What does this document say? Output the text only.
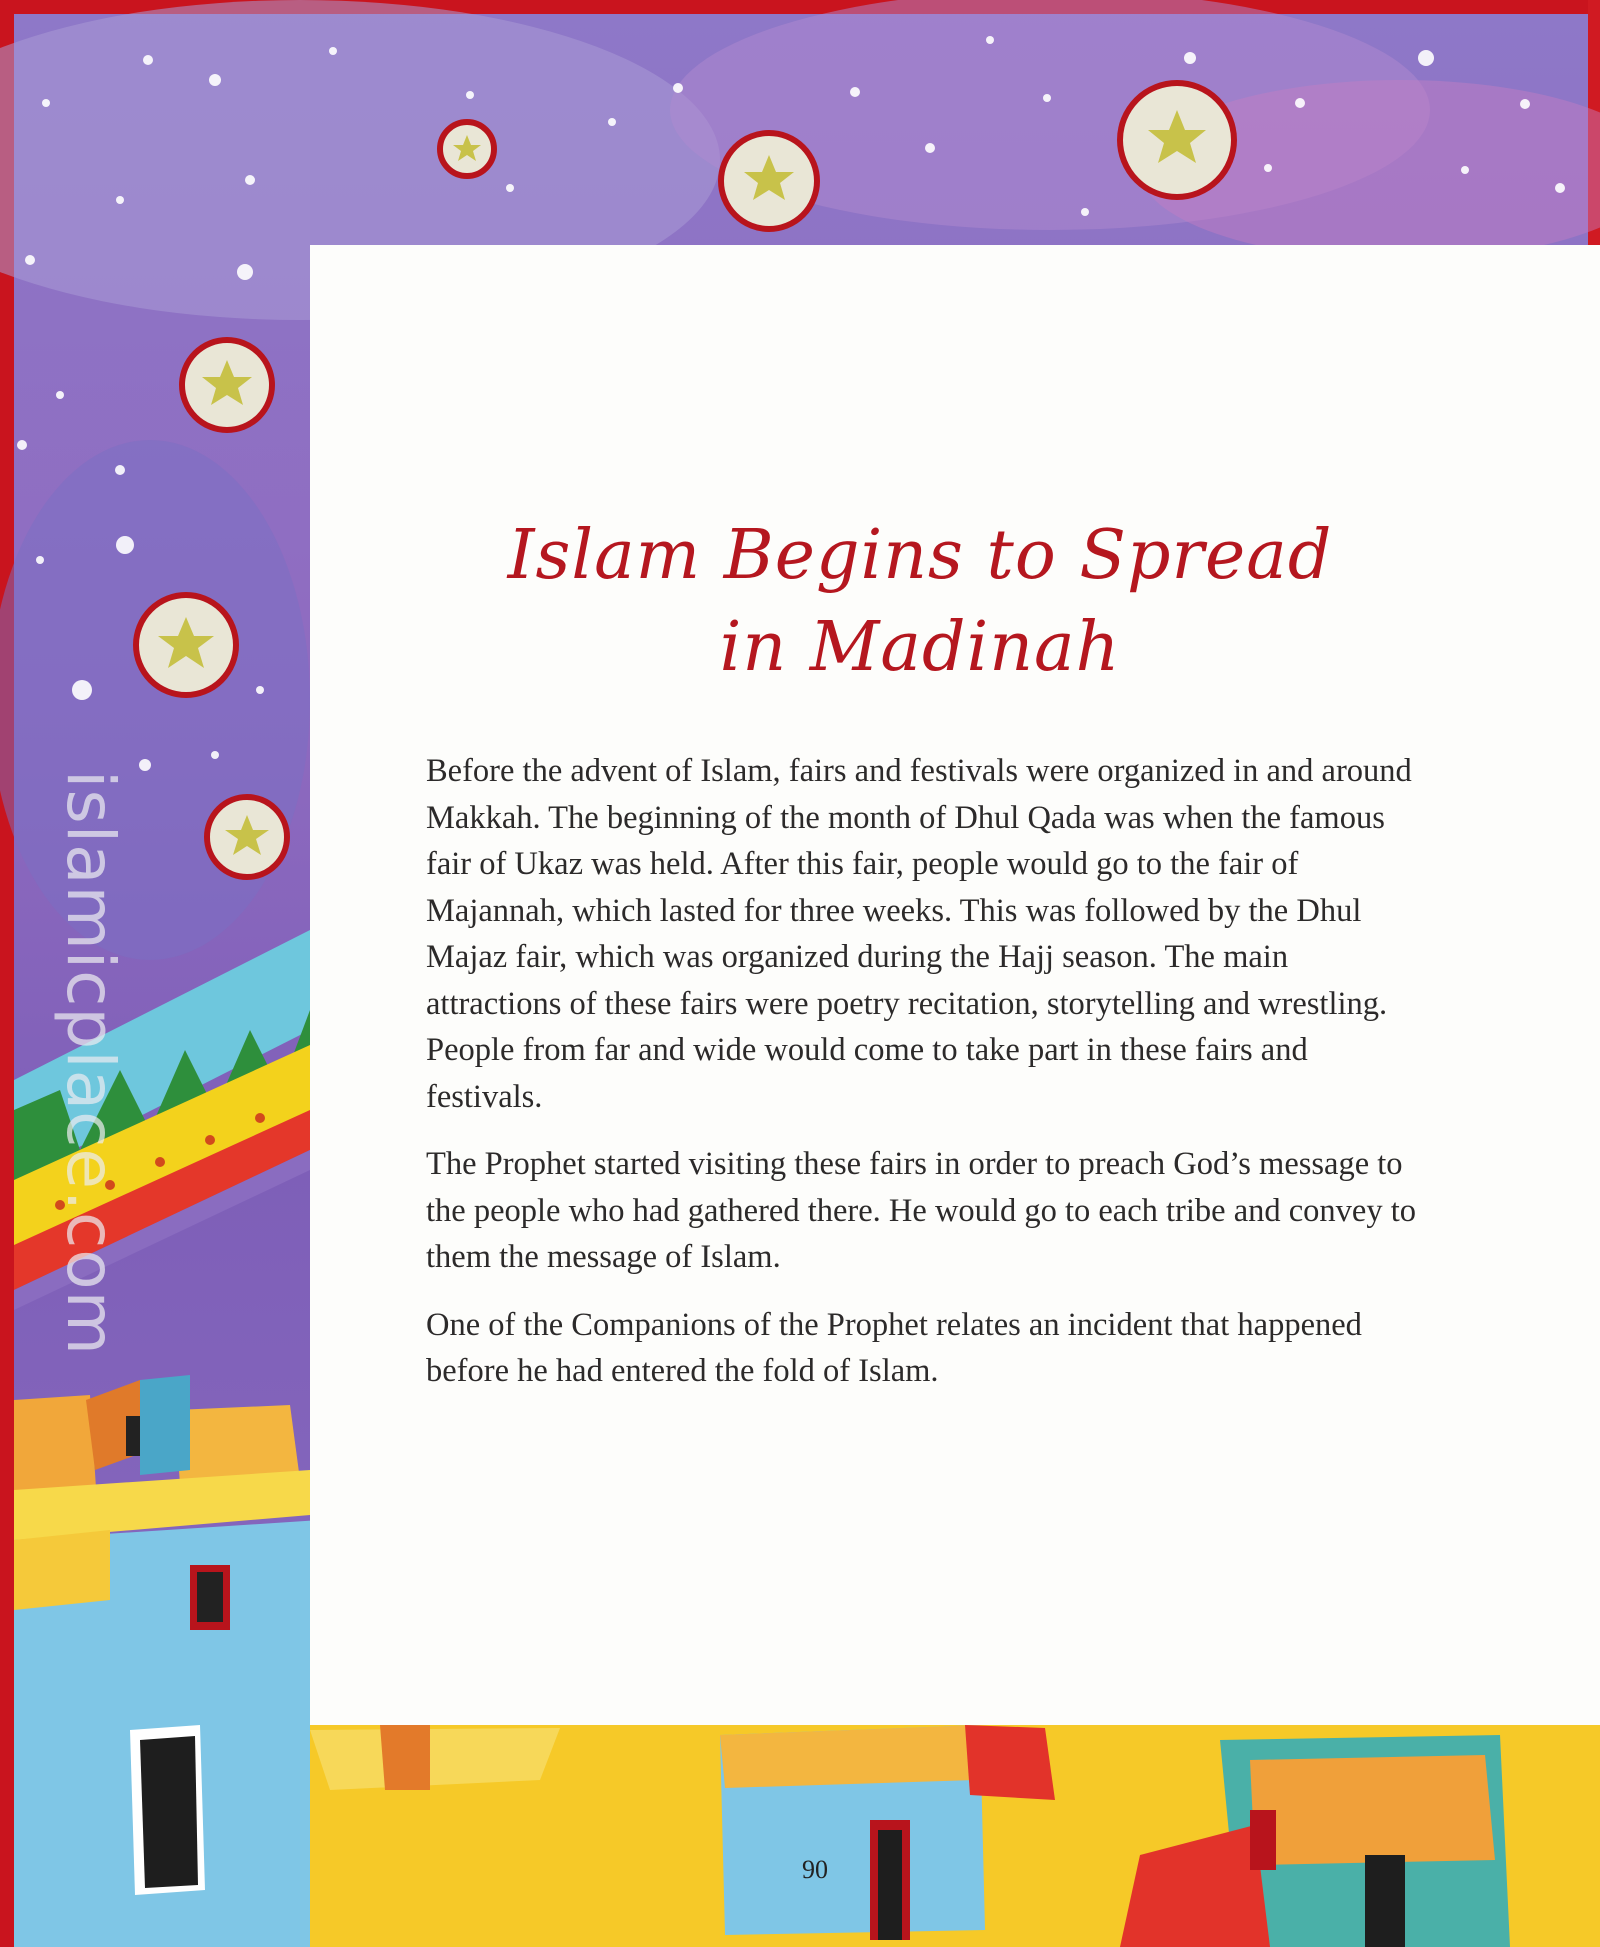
Islam Begins to Spread
in Madinah

Before the advent of Islam, fairs and festivals were organized in and around Makkah. The beginning of the month of Dhul Qada was when the famous fair of Ukaz was held. After this fair, people would go to the fair of Majannah, which lasted for three weeks. This was followed by the Dhul Majaz fair, which was organized during the Hajj season. The main attractions of these fairs were poetry recitation, storytelling and wrestling. People from far and wide would come to take part in these fairs and festivals.

The Prophet started visiting these fairs in order to preach God’s message to the people who had gathered there. He would go to each tribe and convey to them the message of Islam.

One of the Companions of the Prophet relates an incident that happened before he had entered the fold of Islam.

90
islamicplace.com
